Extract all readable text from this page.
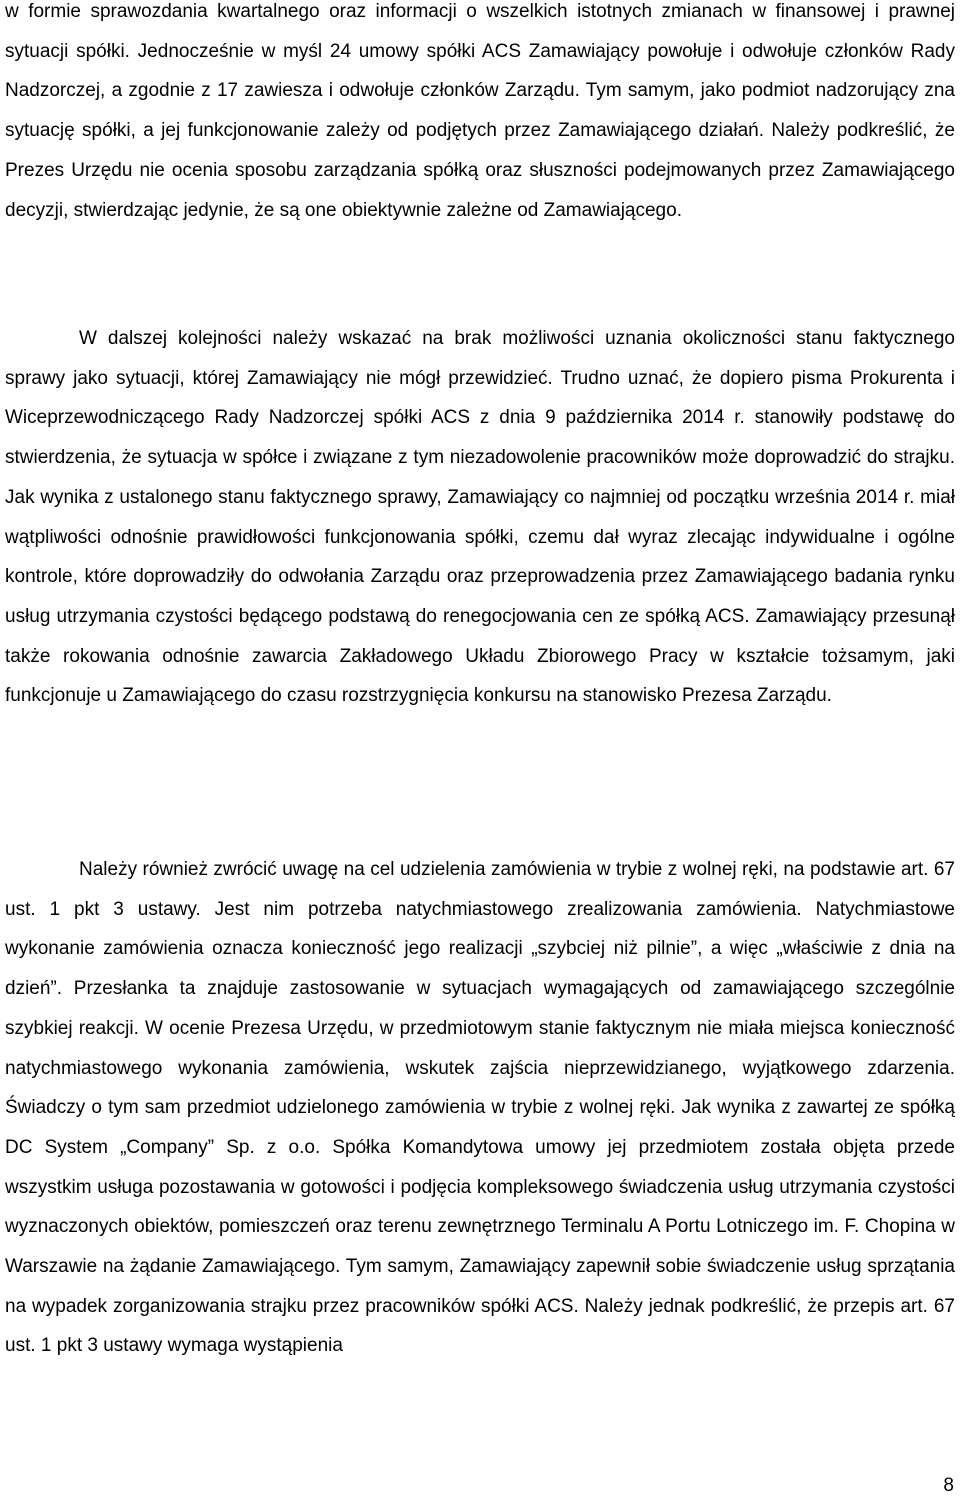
w formie sprawozdania kwartalnego oraz informacji o wszelkich istotnych zmianach w finansowej i prawnej sytuacji spółki. Jednocześnie w myśl 24 umowy spółki ACS Zamawiający powołuje i odwołuje członków Rady Nadzorczej, a zgodnie z 17 zawiesza i odwołuje członków Zarządu. Tym samym, jako podmiot nadzorujący zna sytuację spółki, a jej funkcjonowanie zależy od podjętych przez Zamawiającego działań. Należy podkreślić, że Prezes Urzędu nie ocenia sposobu zarządzania spółką oraz słuszności podejmowanych przez Zamawiającego decyzji, stwierdzając jedynie, że są one obiektywnie zależne od Zamawiającego.

W dalszej kolejności należy wskazać na brak możliwości uznania okoliczności stanu faktycznego sprawy jako sytuacji, której Zamawiający nie mógł przewidzieć. Trudno uznać, że dopiero pisma Prokurenta i Wiceprzewodniczącego Rady Nadzorczej spółki ACS z dnia 9 października 2014 r. stanowiły podstawę do stwierdzenia, że sytuacja w spółce i związane z tym niezadowolenie pracowników może doprowadzić do strajku. Jak wynika z ustalonego stanu faktycznego sprawy, Zamawiający co najmniej od początku września 2014 r. miał wątpliwości odnośnie prawidłowości funkcjonowania spółki, czemu dał wyraz zlecając indywidualne i ogólne kontrole, które doprowadziły do odwołania Zarządu oraz przeprowadzenia przez Zamawiającego badania rynku usług utrzymania czystości będącego podstawą do renegocjowania cen ze spółką ACS. Zamawiający przesunął także rokowania odnośnie zawarcia Zakładowego Układu Zbiorowego Pracy w kształcie tożsamym, jaki funkcjonuje u Zamawiającego do czasu rozstrzygnięcia konkursu na stanowisko Prezesa Zarządu.

Należy również zwrócić uwagę na cel udzielenia zamówienia w trybie z wolnej ręki, na podstawie art. 67 ust. 1 pkt 3 ustawy. Jest nim potrzeba natychmiastowego zrealizowania zamówienia. Natychmiastowe wykonanie zamówienia oznacza konieczność jego realizacji „szybciej niż pilnie”, a więc „właściwie z dnia na dzień”. Przesłanka ta znajduje zastosowanie w sytuacjach wymagających od zamawiającego szczególnie szybkiej reakcji. W ocenie Prezesa Urzędu, w przedmiotowym stanie faktycznym nie miała miejsca konieczność natychmiastowego wykonania zamówienia, wskutek zajścia nieprzewidzianego, wyjątkowego zdarzenia. Świadczy o tym sam przedmiot udzielonego zamówienia w trybie z wolnej ręki. Jak wynika z zawartej ze spółką DC System „Company” Sp. z o.o. Spółka Komandytowa umowy jej przedmiotem została objęta przede wszystkim usługa pozostawania w gotowości i podjęcia kompleksowego świadczenia usług utrzymania czystości wyznaczonych obiektów, pomieszczeń oraz terenu zewnętrznego Terminalu A Portu Lotniczego im. F. Chopina w Warszawie na żądanie Zamawiającego. Tym samym, Zamawiający zapewnił sobie świadczenie usług sprzątania na wypadek zorganizowania strajku przez pracowników spółki ACS. Należy jednak podkreślić, że przepis art. 67 ust. 1 pkt 3 ustawy wymaga wystąpienia

8
